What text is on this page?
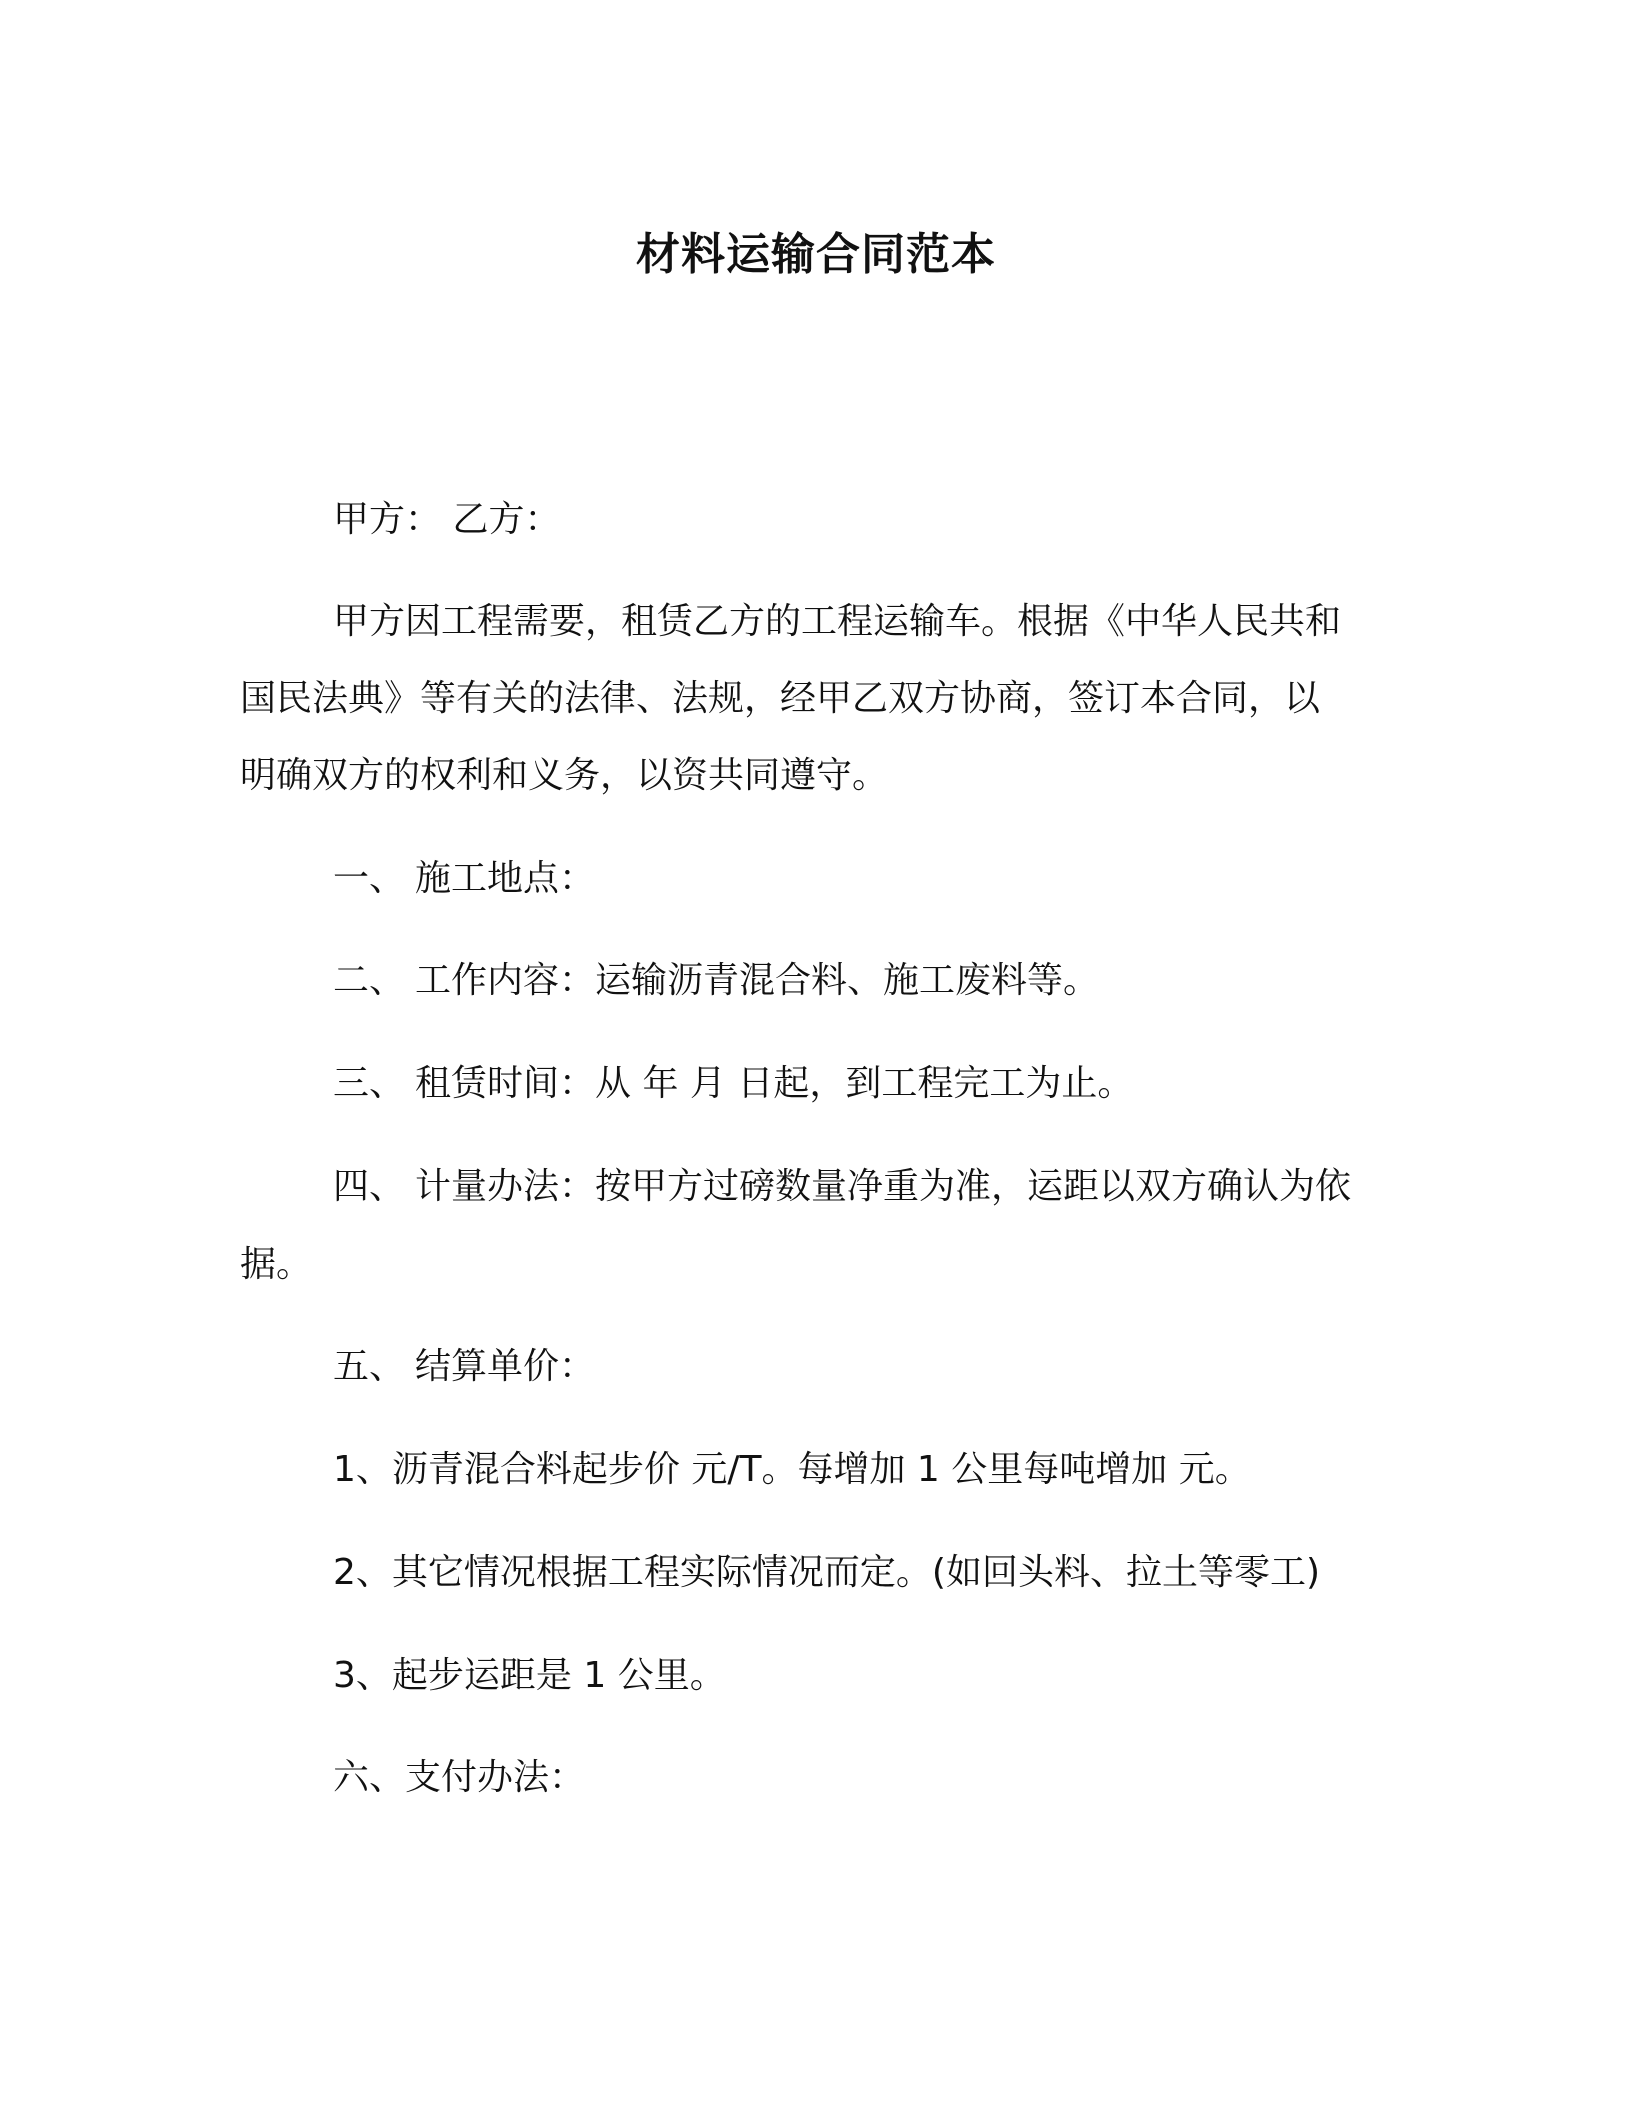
材料运输合同范本

甲方： 乙方：

甲方因工程需要，租赁乙方的工程运输车。根据《中华人民共和

国民法典》等有关的法律、法规，经甲乙双方协商，签订本合同，以

明确双方的权利和义务，以资共同遵守。

一、 施工地点：

二、 工作内容：运输沥青混合料、施工废料等。

三、 租赁时间：从 年 月 日起，到工程完工为止。

四、 计量办法：按甲方过磅数量净重为准，运距以双方确认为依

据。

五、 结算单价：

1、沥青混合料起步价 元/T。每增加 1 公里每吨增加 元。

2、其它情况根据工程实际情况而定。(如回头料、拉土等零工)

3、起步运距是 1 公里。

六、支付办法：
